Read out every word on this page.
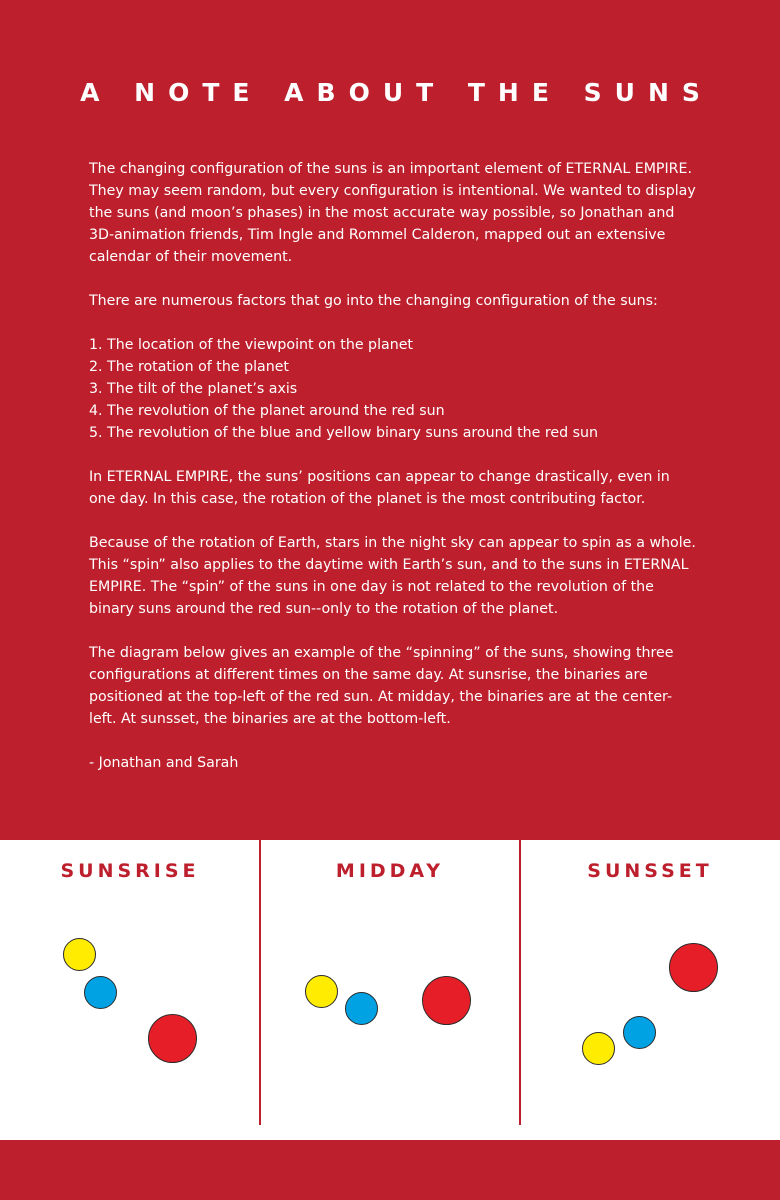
A NOTE ABOUT THE SUNS

The changing configuration of the suns is an important element of ETERNAL EMPIRE. They may seem random, but every configuration is intentional. We wanted to display the suns (and moon’s phases) in the most accurate way possible, so Jonathan and 3D-animation friends, Tim Ingle and Rommel Calderon, mapped out an extensive calendar of their movement.

There are numerous factors that go into the changing configuration of the suns:

1. The location of the viewpoint on the planet
2. The rotation of the planet
3. The tilt of the planet’s axis
4. The revolution of the planet around the red sun
5. The revolution of the blue and yellow binary suns around the red sun

In ETERNAL EMPIRE, the suns’ positions can appear to change drastically, even in one day. In this case, the rotation of the planet is the most contributing factor.

Because of the rotation of Earth, stars in the night sky can appear to spin as a whole. This “spin” also applies to the daytime with Earth’s sun, and to the suns in ETERNAL EMPIRE. The “spin” of the suns in one day is not related to the revolution of the binary suns around the red sun--only to the rotation of the planet.

The diagram below gives an example of the “spinning” of the suns, showing three configurations at different times on the same day. At sunsrise, the binaries are positioned at the top-left of the red sun. At midday, the binaries are at the center-left. At sunsset, the binaries are at the bottom-left.

- Jonathan and Sarah

SUNSRISE	MIDDAY	SUNSSET
